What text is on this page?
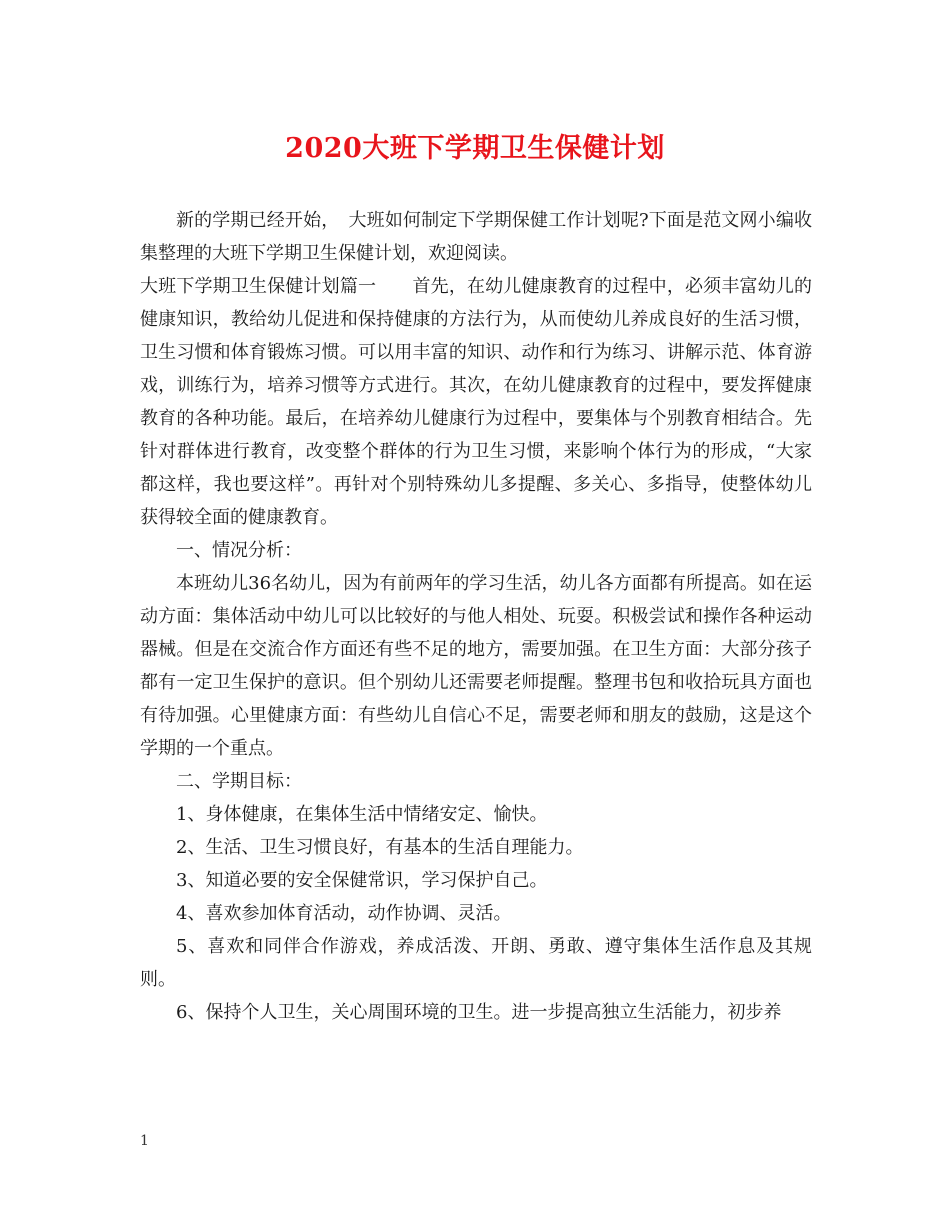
2020大班下学期卫生保健计划

新的学期已经开始，　大班如何制定下学期保健工作计划呢?下面是范文网小编收集整理的大班下学期卫生保健计划，欢迎阅读。

大班下学期卫生保健计划篇一　　首先，在幼儿健康教育的过程中，必须丰富幼儿的健康知识，教给幼儿促进和保持健康的方法行为，从而使幼儿养成良好的生活习惯，卫生习惯和体育锻炼习惯。可以用丰富的知识、动作和行为练习、讲解示范、体育游戏，训练行为，培养习惯等方式进行。其次，在幼儿健康教育的过程中，要发挥健康教育的各种功能。最后，在培养幼儿健康行为过程中，要集体与个别教育相结合。先针对群体进行教育，改变整个群体的行为卫生习惯，来影响个体行为的形成，“大家都这样，我也要这样”。再针对个别特殊幼儿多提醒、多关心、多指导，使整体幼儿获得较全面的健康教育。

一、情况分析：

本班幼儿36名幼儿，因为有前两年的学习生活，幼儿各方面都有所提高。如在运动方面：集体活动中幼儿可以比较好的与他人相处、玩耍。积极尝试和操作各种运动器械。但是在交流合作方面还有些不足的地方，需要加强。在卫生方面：大部分孩子都有一定卫生保护的意识。但个别幼儿还需要老师提醒。整理书包和收拾玩具方面也有待加强。心里健康方面：有些幼儿自信心不足，需要老师和朋友的鼓励，这是这个学期的一个重点。

二、学期目标：

1、身体健康，在集体生活中情绪安定、愉快。

2、生活、卫生习惯良好，有基本的生活自理能力。

3、知道必要的安全保健常识，学习保护自己。

4、喜欢参加体育活动，动作协调、灵活。

5、喜欢和同伴合作游戏，养成活泼、开朗、勇敢、遵守集体生活作息及其规则。

6、保持个人卫生，关心周围环境的卫生。进一步提高独立生活能力，初步养

1
